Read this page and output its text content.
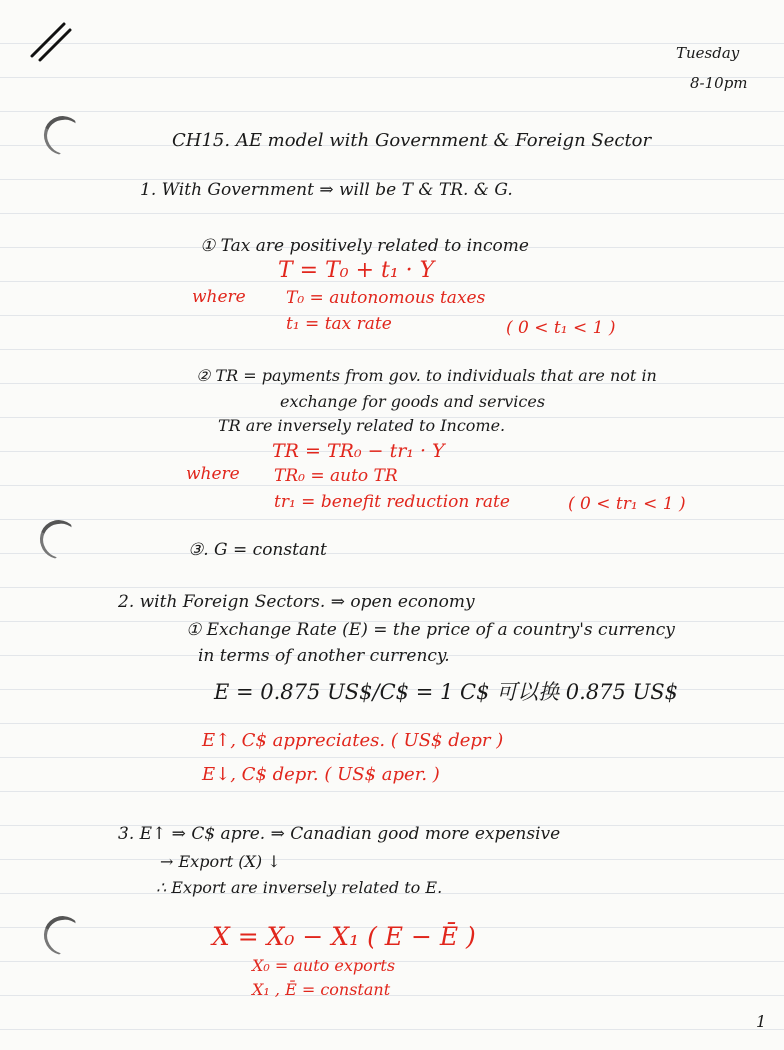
Tuesday
8-10pm
CH15. AE model with Government & Foreign Sector
1. With Government ⇒ will be T & TR. & G.
① Tax are positively related to income
T = T₀ + t₁ · Y
where T₀ = autonomous taxes
t₁ = tax rate	( 0 < t₁ < 1 )
② TR = payments from gov. to individuals that are not in
exchange for goods and services
TR are inversely related to Income.
TR = TR₀ − tr₁ · Y
where TR₀ = auto TR
tr₁ = benefit reduction rate	( 0 < tr₁ < 1 )
③. G = constant
2. with Foreign Sectors. ⇒ open economy
① Exchange Rate (E) = the price of a country's currency
in terms of another currency.
E = 0.875 US$/C$ = 1 C$ 可以换 0.875 US$
E↑, C$ appreciates. ( US$ depr )
E↓, C$ depr. ( US$ aper. )
3. E↑ ⇒ C$ apre. ⇒ Canadian good more expensive
→ Export (X) ↓
∴ Export are inversely related to E.
X = X₀ − X₁ ( E − Ē )
X₀ = auto exports
X₁ , Ē = constant
1
